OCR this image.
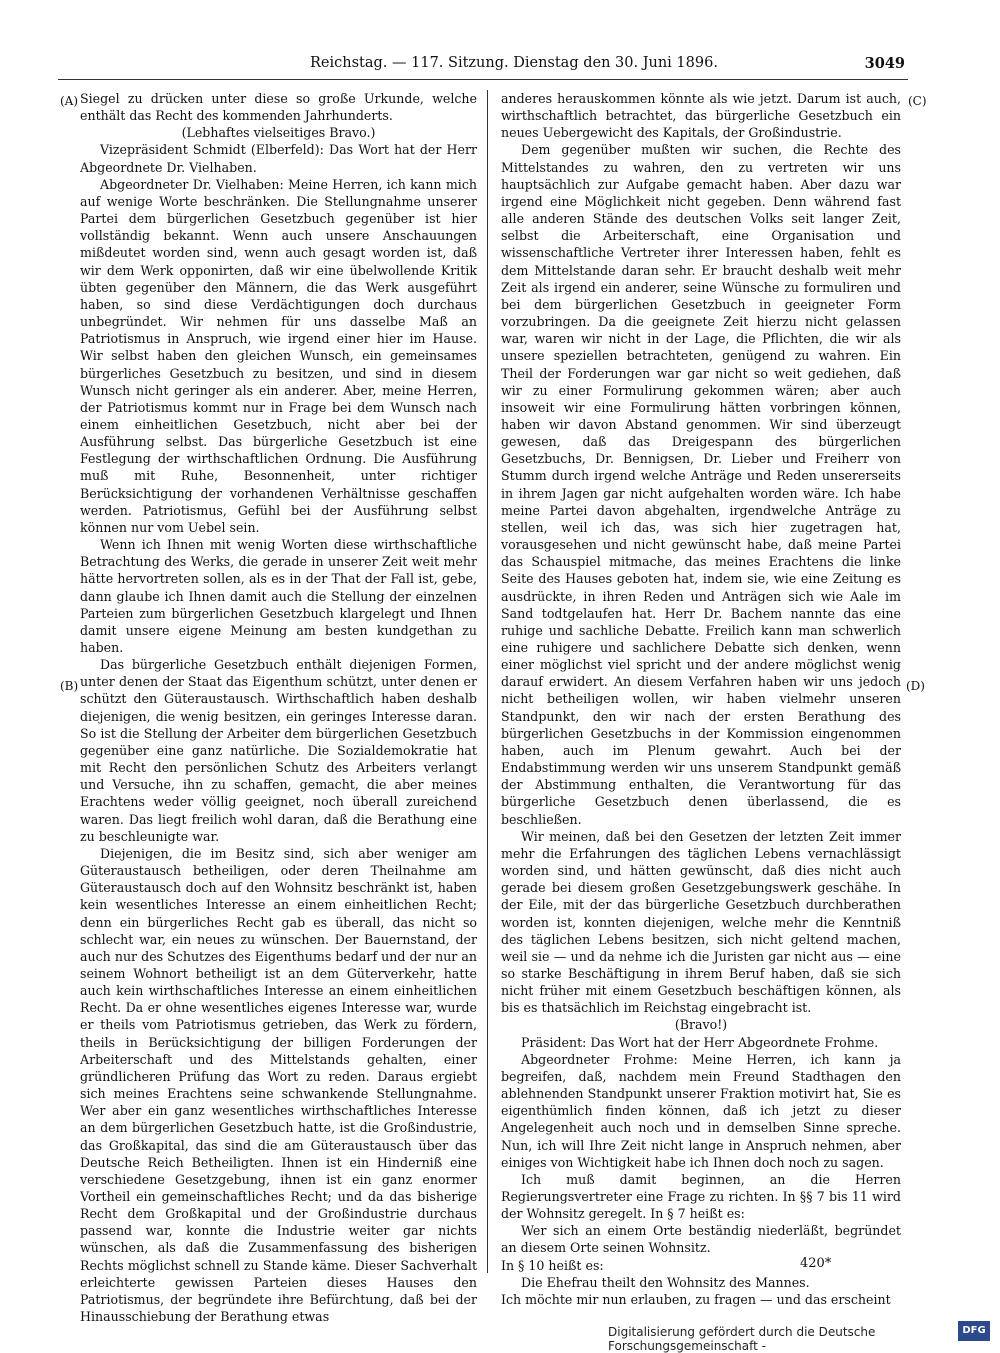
Reichstag. — 117. Sitzung. Dienstag den 30. Juni 1896.	3049
(A)
(B)
(C)
(D)

Siegel zu drücken unter diese so große Urkunde, welche enthält das Recht des kommenden Jahrhunderts.

(Lebhaftes vielseitiges Bravo.)

Vizepräsident Schmidt (Elberfeld): Das Wort hat der Herr Abgeordnete Dr. Vielhaben.

Abgeordneter Dr. Vielhaben: Meine Herren, ich kann mich auf wenige Worte beschränken. Die Stellungnahme unserer Partei dem bürgerlichen Gesetzbuch gegenüber ist hier vollständig bekannt. Wenn auch unsere Anschauungen mißdeutet worden sind, wenn auch gesagt worden ist, daß wir dem Werk opponirten, daß wir eine übelwollende Kritik übten gegenüber den Männern, die das Werk ausgeführt haben, so sind diese Verdächtigungen doch durchaus unbegründet. Wir nehmen für uns dasselbe Maß an Patriotismus in Anspruch, wie irgend einer hier im Hause. Wir selbst haben den gleichen Wunsch, ein gemeinsames bürgerliches Gesetzbuch zu besitzen, und sind in diesem Wunsch nicht geringer als ein anderer. Aber, meine Herren, der Patriotismus kommt nur in Frage bei dem Wunsch nach einem einheitlichen Gesetzbuch, nicht aber bei der Ausführung selbst. Das bürgerliche Gesetzbuch ist eine Festlegung der wirthschaftlichen Ordnung. Die Ausführung muß mit Ruhe, Besonnenheit, unter richtiger Berücksichtigung der vorhandenen Verhältnisse geschaffen werden. Patriotismus, Gefühl bei der Ausführung selbst können nur vom Uebel sein.

Wenn ich Ihnen mit wenig Worten diese wirthschaftliche Betrachtung des Werks, die gerade in unserer Zeit weit mehr hätte hervortreten sollen, als es in der That der Fall ist, gebe, dann glaube ich Ihnen damit auch die Stellung der einzelnen Parteien zum bürgerlichen Gesetzbuch klargelegt und Ihnen damit unsere eigene Meinung am besten kundgethan zu haben.

Das bürgerliche Gesetzbuch enthält diejenigen Formen, unter denen der Staat das Eigenthum schützt, unter denen er schützt den Güteraustausch. Wirthschaftlich haben deshalb diejenigen, die wenig besitzen, ein geringes Interesse daran. So ist die Stellung der Arbeiter dem bürgerlichen Gesetzbuch gegenüber eine ganz natürliche. Die Sozialdemokratie hat mit Recht den persönlichen Schutz des Arbeiters verlangt und Versuche, ihn zu schaffen, gemacht, die aber meines Erachtens weder völlig geeignet, noch überall zureichend waren. Das liegt freilich wohl daran, daß die Berathung eine zu beschleunigte war.

Diejenigen, die im Besitz sind, sich aber weniger am Güteraustausch betheiligen, oder deren Theilnahme am Güteraustausch doch auf den Wohnsitz beschränkt ist, haben kein wesentliches Interesse an einem einheitlichen Recht; denn ein bürgerliches Recht gab es überall, das nicht so schlecht war, ein neues zu wünschen. Der Bauernstand, der auch nur des Schutzes des Eigenthums bedarf und der nur an seinem Wohnort betheiligt ist an dem Güterverkehr, hatte auch kein wirthschaftliches Interesse an einem einheitlichen Recht. Da er ohne wesentliches eigenes Interesse war, wurde er theils vom Patriotismus getrieben, das Werk zu fördern, theils in Berücksichtigung der billigen Forderungen der Arbeiterschaft und des Mittelstands gehalten, einer gründlicheren Prüfung das Wort zu reden. Daraus ergiebt sich meines Erachtens seine schwankende Stellungnahme. Wer aber ein ganz wesentliches wirthschaftliches Interesse an dem bürgerlichen Gesetzbuch hatte, ist die Großindustrie, das Großkapital, das sind die am Güteraustausch über das Deutsche Reich Betheiligten. Ihnen ist ein Hinderniß eine verschiedene Gesetzgebung, ihnen ist ein ganz enormer Vortheil ein gemeinschaftliches Recht; und da das bisherige Recht dem Großkapital und der Großindustrie durchaus passend war, konnte die Industrie weiter gar nichts wünschen, als daß die Zusammenfassung des bisherigen Rechts möglichst schnell zu Stande käme. Dieser Sachverhalt erleichterte gewissen Parteien dieses Hauses den Patriotismus, der begründete ihre Befürchtung, daß bei der Hinausschiebung der Berathung etwas

anderes herauskommen könnte als wie jetzt. Darum ist auch, wirthschaftlich betrachtet, das bürgerliche Gesetzbuch ein neues Uebergewicht des Kapitals, der Großindustrie.

Dem gegenüber mußten wir suchen, die Rechte des Mittelstandes zu wahren, den zu vertreten wir uns hauptsächlich zur Aufgabe gemacht haben. Aber dazu war irgend eine Möglichkeit nicht gegeben. Denn während fast alle anderen Stände des deutschen Volks seit langer Zeit, selbst die Arbeiterschaft, eine Organisation und wissenschaftliche Vertreter ihrer Interessen haben, fehlt es dem Mittelstande daran sehr. Er braucht deshalb weit mehr Zeit als irgend ein anderer, seine Wünsche zu formuliren und bei dem bürgerlichen Gesetzbuch in geeigneter Form vorzubringen. Da die geeignete Zeit hierzu nicht gelassen war, waren wir nicht in der Lage, die Pflichten, die wir als unsere speziellen betrachteten, genügend zu wahren. Ein Theil der Forderungen war gar nicht so weit gediehen, daß wir zu einer Formulirung gekommen wären; aber auch insoweit wir eine Formulirung hätten vorbringen können, haben wir davon Abstand genommen. Wir sind überzeugt gewesen, daß das Dreigespann des bürgerlichen Gesetzbuchs, Dr. Bennigsen, Dr. Lieber und Freiherr von Stumm durch irgend welche Anträge und Reden unsererseits in ihrem Jagen gar nicht aufgehalten worden wäre. Ich habe meine Partei davon abgehalten, irgendwelche Anträge zu stellen, weil ich das, was sich hier zugetragen hat, vorausgesehen und nicht gewünscht habe, daß meine Partei das Schauspiel mitmache, das meines Erachtens die linke Seite des Hauses geboten hat, indem sie, wie eine Zeitung es ausdrückte, in ihren Reden und Anträgen sich wie Aale im Sand todtgelaufen hat. Herr Dr. Bachem nannte das eine ruhige und sachliche Debatte. Freilich kann man schwerlich eine ruhigere und sachlichere Debatte sich denken, wenn einer möglichst viel spricht und der andere möglichst wenig darauf erwidert. An diesem Verfahren haben wir uns jedoch nicht betheiligen wollen, wir haben vielmehr unseren Standpunkt, den wir nach der ersten Berathung des bürgerlichen Gesetzbuchs in der Kommission eingenommen haben, auch im Plenum gewahrt. Auch bei der Endabstimmung werden wir uns unserem Standpunkt gemäß der Abstimmung enthalten, die Verantwortung für das bürgerliche Gesetzbuch denen überlassend, die es beschließen.

Wir meinen, daß bei den Gesetzen der letzten Zeit immer mehr die Erfahrungen des täglichen Lebens vernachlässigt worden sind, und hätten gewünscht, daß dies nicht auch gerade bei diesem großen Gesetzgebungswerk geschähe. In der Eile, mit der das bürgerliche Gesetzbuch durchberathen worden ist, konnten diejenigen, welche mehr die Kenntniß des täglichen Lebens besitzen, sich nicht geltend machen, weil sie — und da nehme ich die Juristen gar nicht aus — eine so starke Beschäftigung in ihrem Beruf haben, daß sie sich nicht früher mit einem Gesetzbuch beschäftigen können, als bis es thatsächlich im Reichstag eingebracht ist.

(Bravo!)

Präsident: Das Wort hat der Herr Abgeordnete Frohme.

Abgeordneter Frohme: Meine Herren, ich kann ja begreifen, daß, nachdem mein Freund Stadthagen den ablehnenden Standpunkt unserer Fraktion motivirt hat, Sie es eigenthümlich finden können, daß ich jetzt zu dieser Angelegenheit auch noch und in demselben Sinne spreche. Nun, ich will Ihre Zeit nicht lange in Anspruch nehmen, aber einiges von Wichtigkeit habe ich Ihnen doch noch zu sagen.

Ich muß damit beginnen, an die Herren Regierungsvertreter eine Frage zu richten. In §§ 7 bis 11 wird der Wohnsitz geregelt. In § 7 heißt es:

Wer sich an einem Orte beständig niederläßt, begründet an diesem Orte seinen Wohnsitz.

In § 10 heißt es:

Die Ehefrau theilt den Wohnsitz des Mannes.

Ich möchte mir nun erlauben, zu fragen — und das erscheint

420*
Digitalisierung gefördert durch die Deutsche Forschungsgemeinschaft -
DFG
